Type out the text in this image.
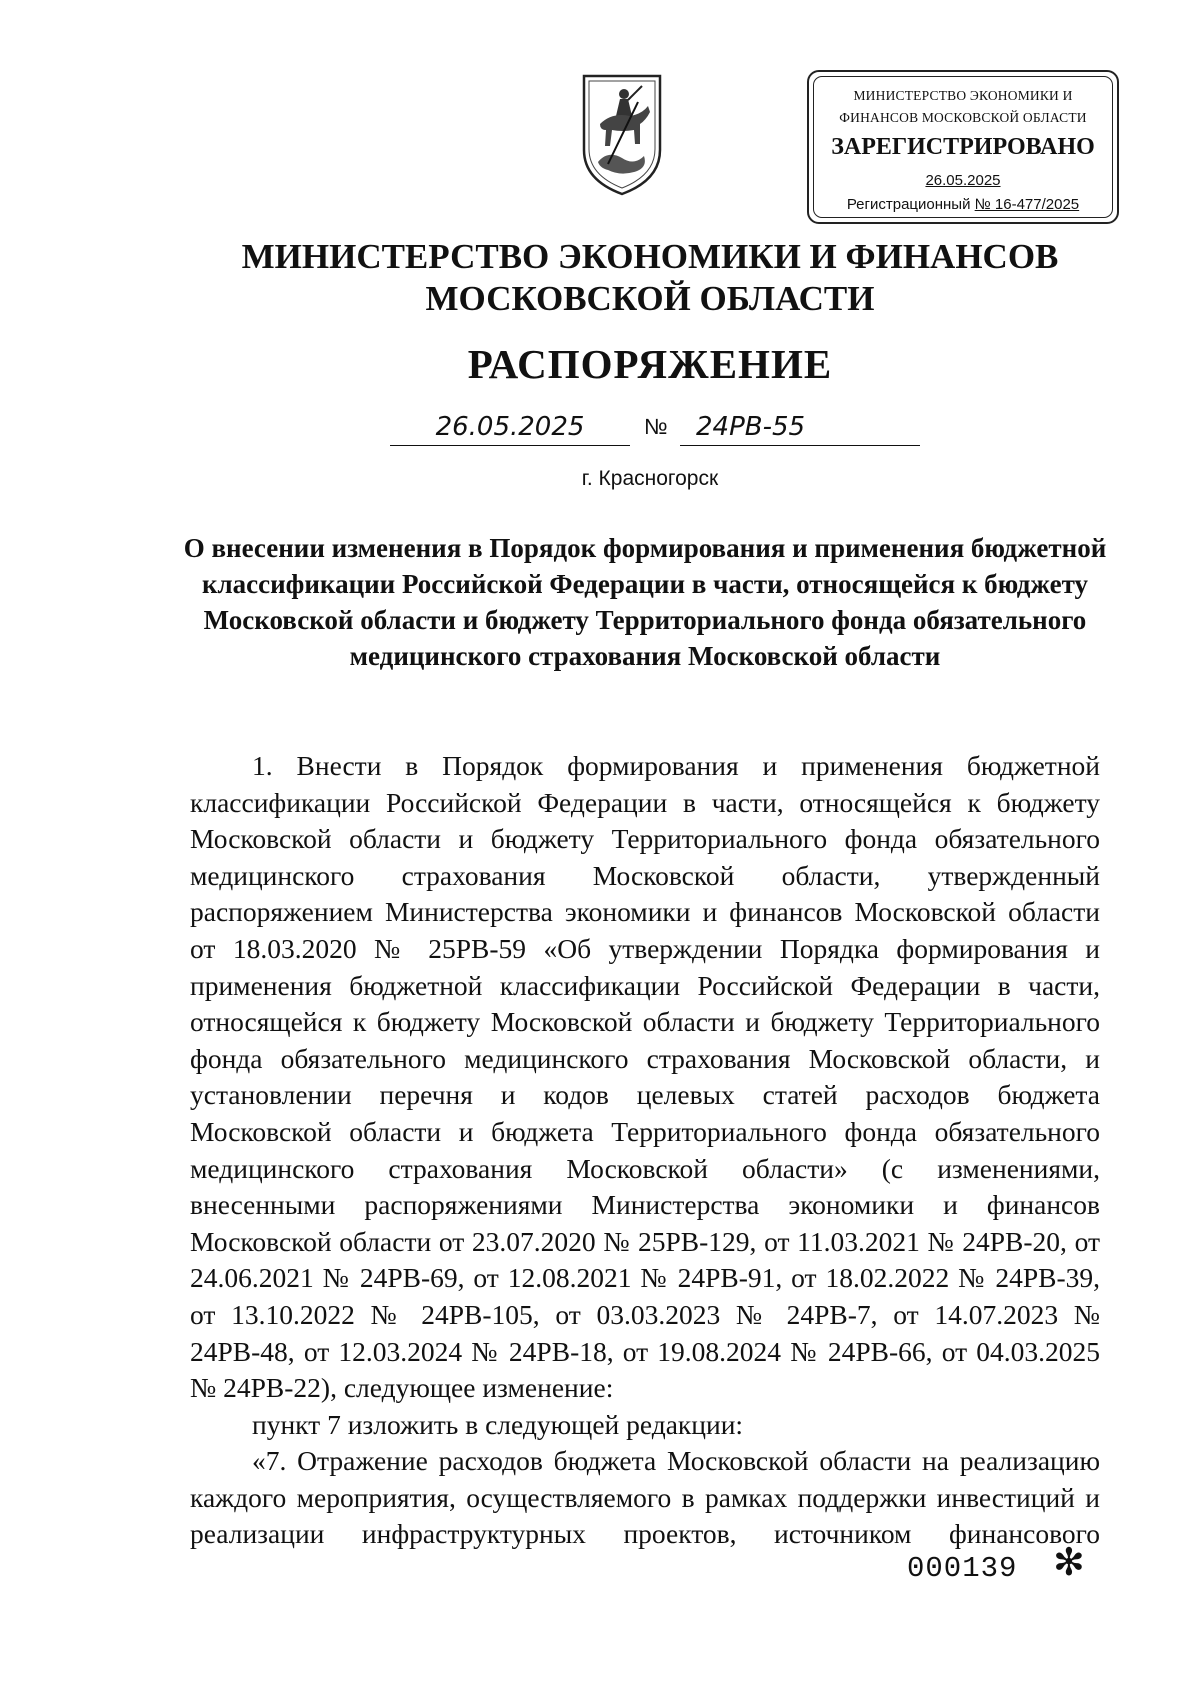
МИНИСТЕРСТВО ЭКОНОМИКИ И
ФИНАНСОВ МОСКОВСКОЙ ОБЛАСТИ
ЗАРЕГИСТРИРОВАНО
26.05.2025
Регистрационный № 16-477/2025
МИНИСТЕРСТВО ЭКОНОМИКИ И ФИНАНСОВ
МОСКОВСКОЙ ОБЛАСТИ
РАСПОРЯЖЕНИЕ
26.05.2025	№	24РВ-55
г. Красногорск
О внесении изменения в Порядок формирования и применения бюджетной классификации Российской Федерации в части, относящейся к бюджету Московской области и бюджету Территориального фонда обязательного медицинского страхования Московской области

1. Внести в Порядок формирования и применения бюджетной классификации Российской Федерации в части, относящейся к бюджету Московской области и бюджету Территориального фонда обязательного медицинского страхования Московской области, утвержденный распоряжением Министерства экономики и финансов Московской области от 18.03.2020 № 25РВ-59 «Об утверждении Порядка формирования и применения бюджетной классификации Российской Федерации в части, относящейся к бюджету Московской области и бюджету Территориального фонда обязательного медицинского страхования Московской области, и установлении перечня и кодов целевых статей расходов бюджета Московской области и бюджета Территориального фонда обязательного медицинского страхования Московской области» (с изменениями, внесенными распоряжениями Министерства экономики и финансов Московской области от 23.07.2020 № 25РВ-129, от 11.03.2021 № 24РВ-20, от 24.06.2021 № 24РВ-69, от 12.08.2021 № 24РВ-91, от 18.02.2022 № 24РВ-39, от 13.10.2022 № 24РВ-105, от 03.03.2023 № 24РВ-7, от 14.07.2023 № 24РВ-48, от 12.03.2024 № 24РВ-18, от 19.08.2024 № 24РВ-66, от 04.03.2025 № 24РВ-22), следующее изменение:

пункт 7 изложить в следующей редакции:

«7. Отражение расходов бюджета Московской области на реализацию каждого мероприятия, осуществляемого в рамках поддержки инвестиций и реализации инфраструктурных проектов, источником финансового

000139 ✻
